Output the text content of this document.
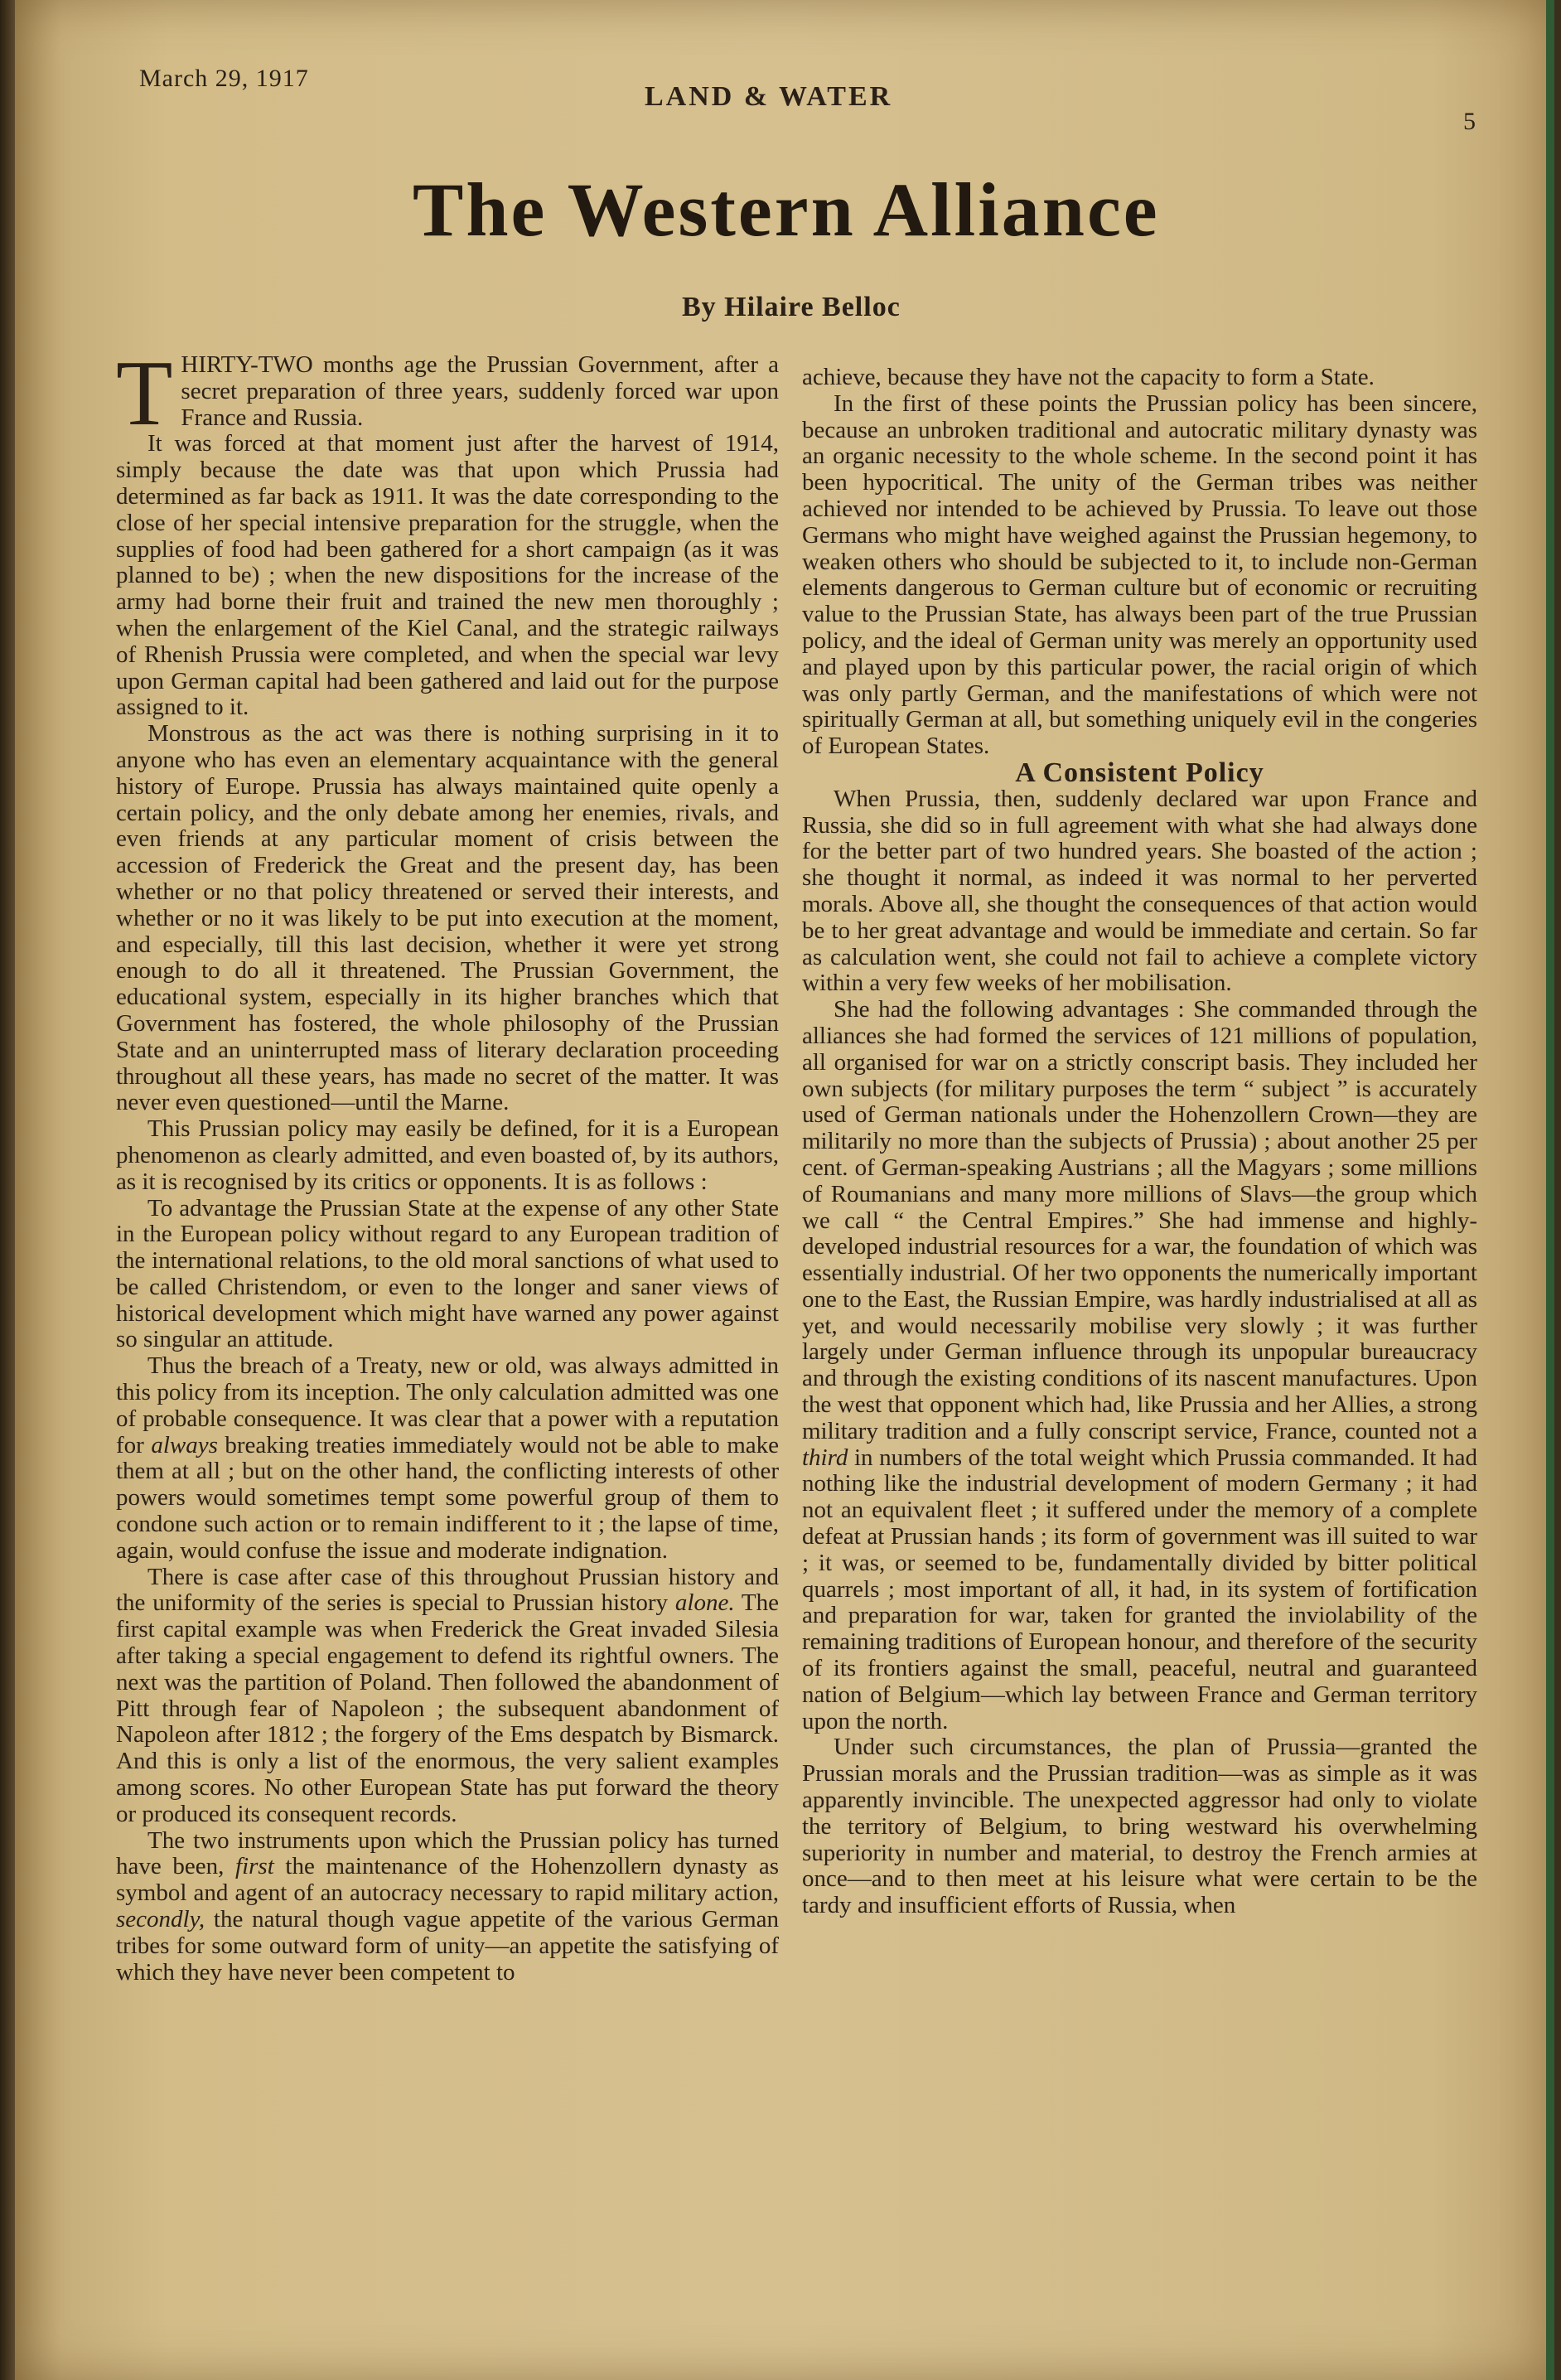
March 29, 1917
LAND & WATER
5
The Western Alliance
By Hilaire Belloc

THIRTY-TWO months age the Prussian Government, after a secret preparation of three years, suddenly forced war upon France and Russia.

It was forced at that moment just after the harvest of 1914, simply because the date was that upon which Prussia had determined as far back as 1911. It was the date corresponding to the close of her special intensive preparation for the struggle, when the supplies of food had been gathered for a short campaign (as it was planned to be) ; when the new dispositions for the increase of the army had borne their fruit and trained the new men thoroughly ; when the enlargement of the Kiel Canal, and the strategic railways of Rhenish Prussia were completed, and when the special war levy upon German capital had been gathered and laid out for the purpose assigned to it.

Monstrous as the act was there is nothing surprising in it to anyone who has even an elementary acquaintance with the general history of Europe. Prussia has always maintained quite openly a certain policy, and the only debate among her enemies, rivals, and even friends at any particular moment of crisis between the accession of Frederick the Great and the present day, has been whether or no that policy threatened or served their interests, and whether or no it was likely to be put into execution at the moment, and especially, till this last decision, whether it were yet strong enough to do all it threatened. The Prussian Government, the educational system, especially in its higher branches which that Government has fostered, the whole philosophy of the Prussian State and an uninterrupted mass of literary declaration proceeding throughout all these years, has made no secret of the matter. It was never even questioned—until the Marne.

This Prussian policy may easily be defined, for it is a European phenomenon as clearly admitted, and even boasted of, by its authors, as it is recognised by its critics or opponents. It is as follows :

To advantage the Prussian State at the expense of any other State in the European policy without regard to any European tradition of the international relations, to the old moral sanctions of what used to be called Christendom, or even to the longer and saner views of historical development which might have warned any power against so singular an attitude.

Thus the breach of a Treaty, new or old, was always admitted in this policy from its inception. The only calculation admitted was one of probable consequence. It was clear that a power with a reputation for always breaking treaties immediately would not be able to make them at all ; but on the other hand, the conflicting interests of other powers would sometimes tempt some powerful group of them to condone such action or to remain indifferent to it ; the lapse of time, again, would confuse the issue and moderate indignation.

There is case after case of this throughout Prussian history and the uniformity of the series is special to Prussian history alone. The first capital example was when Frederick the Great invaded Silesia after taking a special engagement to defend its rightful owners. The next was the partition of Poland. Then followed the abandonment of Pitt through fear of Napoleon ; the subsequent abandonment of Napoleon after 1812 ; the forgery of the Ems despatch by Bismarck. And this is only a list of the enormous, the very salient examples among scores. No other European State has put forward the theory or produced its consequent records.

The two instruments upon which the Prussian policy has turned have been, first the maintenance of the Hohenzollern dynasty as symbol and agent of an autocracy necessary to rapid military action, secondly, the natural though vague appetite of the various German tribes for some outward form of unity—an appetite the satisfying of which they have never been competent to

achieve, because they have not the capacity to form a State.

In the first of these points the Prussian policy has been sincere, because an unbroken traditional and autocratic military dynasty was an organic necessity to the whole scheme. In the second point it has been hypocritical. The unity of the German tribes was neither achieved nor intended to be achieved by Prussia. To leave out those Germans who might have weighed against the Prussian hegemony, to weaken others who should be subjected to it, to include non-German elements dangerous to German culture but of economic or recruiting value to the Prussian State, has always been part of the true Prussian policy, and the ideal of German unity was merely an opportunity used and played upon by this particular power, the racial origin of which was only partly German, and the manifestations of which were not spiritually German at all, but something uniquely evil in the congeries of European States.

A Consistent Policy

When Prussia, then, suddenly declared war upon France and Russia, she did so in full agreement with what she had always done for the better part of two hundred years. She boasted of the action ; she thought it normal, as indeed it was normal to her perverted morals. Above all, she thought the consequences of that action would be to her great advantage and would be immediate and certain. So far as calculation went, she could not fail to achieve a complete victory within a very few weeks of her mobilisation.

She had the following advantages : She commanded through the alliances she had formed the services of 121 millions of population, all organised for war on a strictly conscript basis. They included her own subjects (for military purposes the term “ subject ” is accurately used of German nationals under the Hohenzollern Crown—they are militarily no more than the subjects of Prussia) ; about another 25 per cent. of German-speaking Austrians ; all the Magyars ; some millions of Roumanians and many more millions of Slavs—the group which we call “ the Central Empires.” She had immense and highly-developed industrial resources for a war, the foundation of which was essentially industrial. Of her two opponents the numerically important one to the East, the Russian Empire, was hardly industrialised at all as yet, and would necessarily mobilise very slowly ; it was further largely under German influence through its unpopular bureaucracy and through the existing conditions of its nascent manufactures. Upon the west that opponent which had, like Prussia and her Allies, a strong military tradition and a fully conscript service, France, counted not a third in numbers of the total weight which Prussia commanded. It had nothing like the industrial development of modern Germany ; it had not an equivalent fleet ; it suffered under the memory of a complete defeat at Prussian hands ; its form of government was ill suited to war ; it was, or seemed to be, fundamentally divided by bitter political quarrels ; most important of all, it had, in its system of fortification and preparation for war, taken for granted the inviolability of the remaining traditions of European honour, and therefore of the security of its frontiers against the small, peaceful, neutral and guaranteed nation of Belgium—which lay between France and German territory upon the north.

Under such circumstances, the plan of Prussia—granted the Prussian morals and the Prussian tradition—was as simple as it was apparently invincible. The unexpected aggressor had only to violate the territory of Belgium, to bring westward his overwhelming superiority in number and material, to destroy the French armies at once—and to then meet at his leisure what were certain to be the tardy and insufficient efforts of Russia, when
